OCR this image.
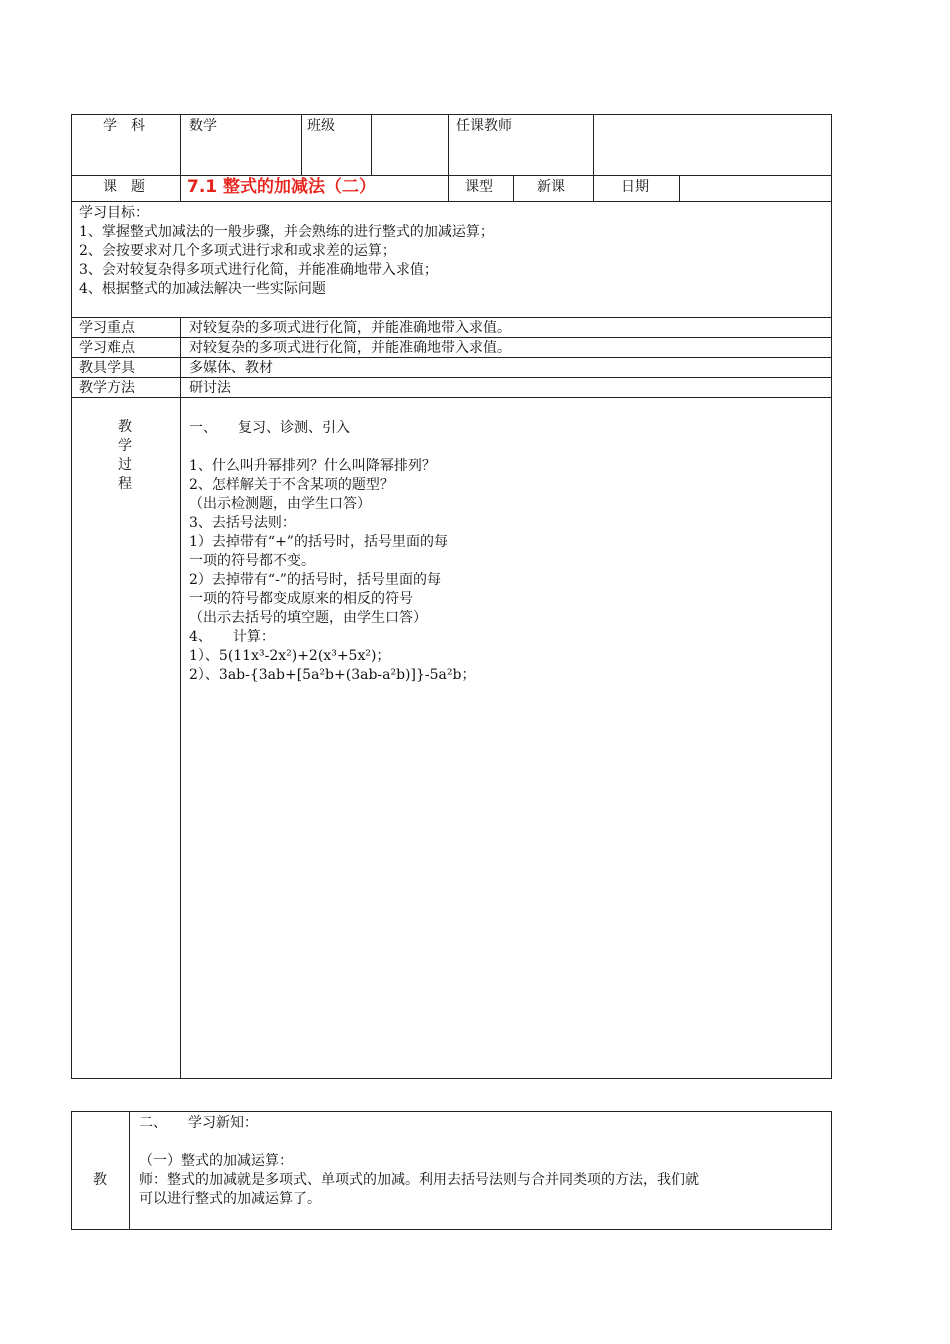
学　科	数学	班级	任课教师
课　题 7.1 整式的加减法（二）	课型	新课	日期
学习目标：
1、掌握整式加减法的一般步骤，并会熟练的进行整式的加减运算；
2、会按要求对几个多项式进行求和或求差的运算；
3、会对较复杂得多项式进行化简，并能准确地带入求值；
4、根据整式的加减法解决一些实际问题
学习重点	对较复杂的多项式进行化简，并能准确地带入求值。
学习难点	对较复杂的多项式进行化简，并能准确地带入求值。
教具学具	多媒体、教材
教学方法	研讨法
教
学
过
程
一、　　复习、诊测、引入
1、什么叫升幂排列？什么叫降幂排列？
2、怎样解关于不含某项的题型？
（出示检测题，由学生口答）
3、去括号法则：
1）去掉带有“+”的括号时，括号里面的每
一项的符号都不变。
2）去掉带有“-”的括号时，括号里面的每
一项的符号都变成原来的相反的符号
（出示去括号的填空题，由学生口答）
4、　　计算：
1）、5(11x³-2x²)+2(x³+5x²)；
2）、3ab-{3ab+[5a²b+(3ab-a²b)]}-5a²b；
教
二、　　学习新知：
（一）整式的加减运算：
师：整式的加减就是多项式、单项式的加减。利用去括号法则与合并同类项的方法，我们就
可以进行整式的加减运算了。
